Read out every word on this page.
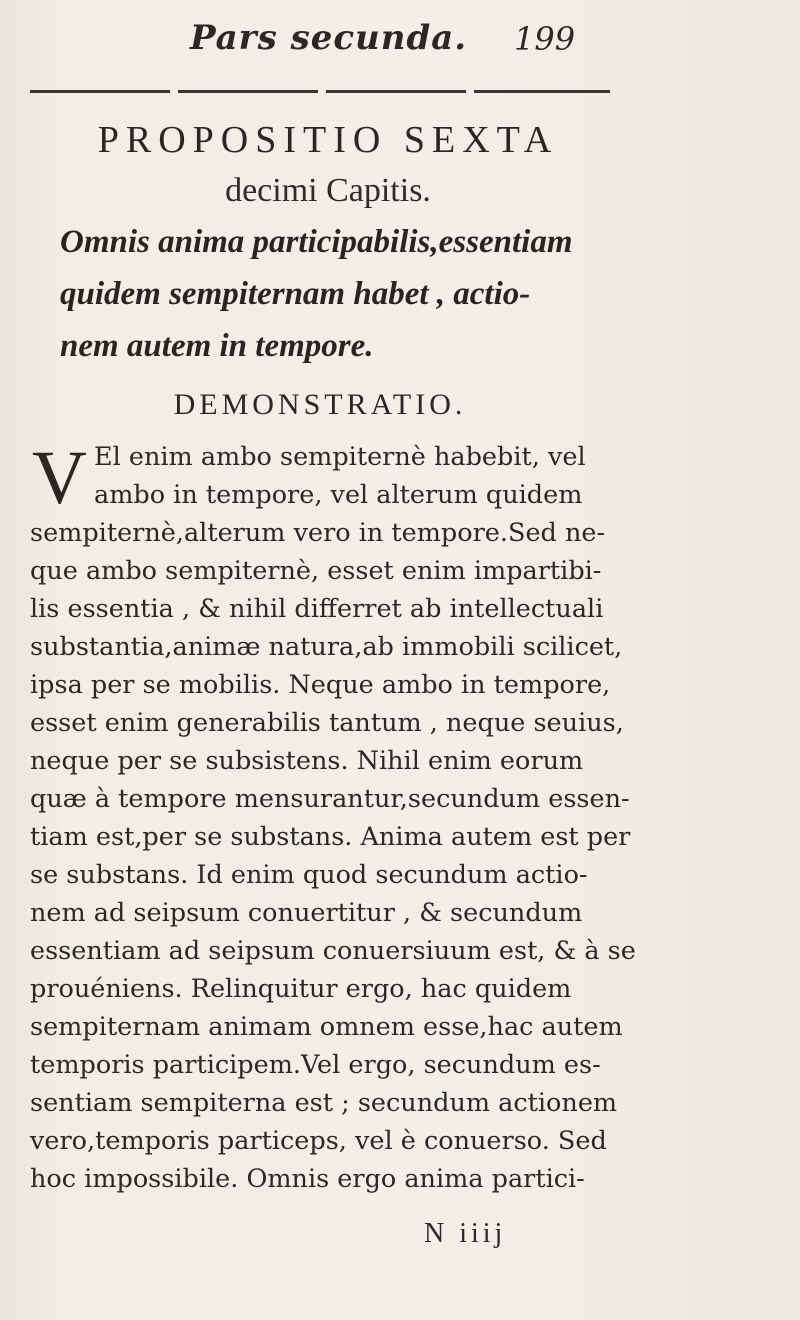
Pars secunda. 199
PROPOSITIO SEXTA
decimi Capitis.
Omnis anima participabilis,essentiam
quidem sempiternam habet , actio-
nem autem in tempore.
DEMONSTRATIO.
V El enim ambo sempiternè habebit, vel
ambo in tempore, vel alterum quidem
sempiternè,alterum vero in tempore.Sed ne-
que ambo sempiternè, esset enim impartibi-
lis essentia , & nihil differret ab intellectuali
substantia,animæ natura,ab immobili scilicet,
ipsa per se mobilis. Neque ambo in tempore,
esset enim generabilis tantum , neque seuius,
neque per se subsistens. Nihil enim eorum
quæ à tempore mensurantur,secundum essen-
tiam est,per se substans. Anima autem est per
se substans. Id enim quod secundum actio-
nem ad seipsum conuertitur , & secundum
essentiam ad seipsum conuersiuum est, & à se
prouéniens. Relinquitur ergo, hac quidem
sempiternam animam omnem esse,hac autem
temporis participem.Vel ergo, secundum es-
sentiam sempiterna est ; secundum actionem
vero,temporis particeps, vel è conuerso. Sed
hoc impossibile. Omnis ergo anima partici-
N iiij
